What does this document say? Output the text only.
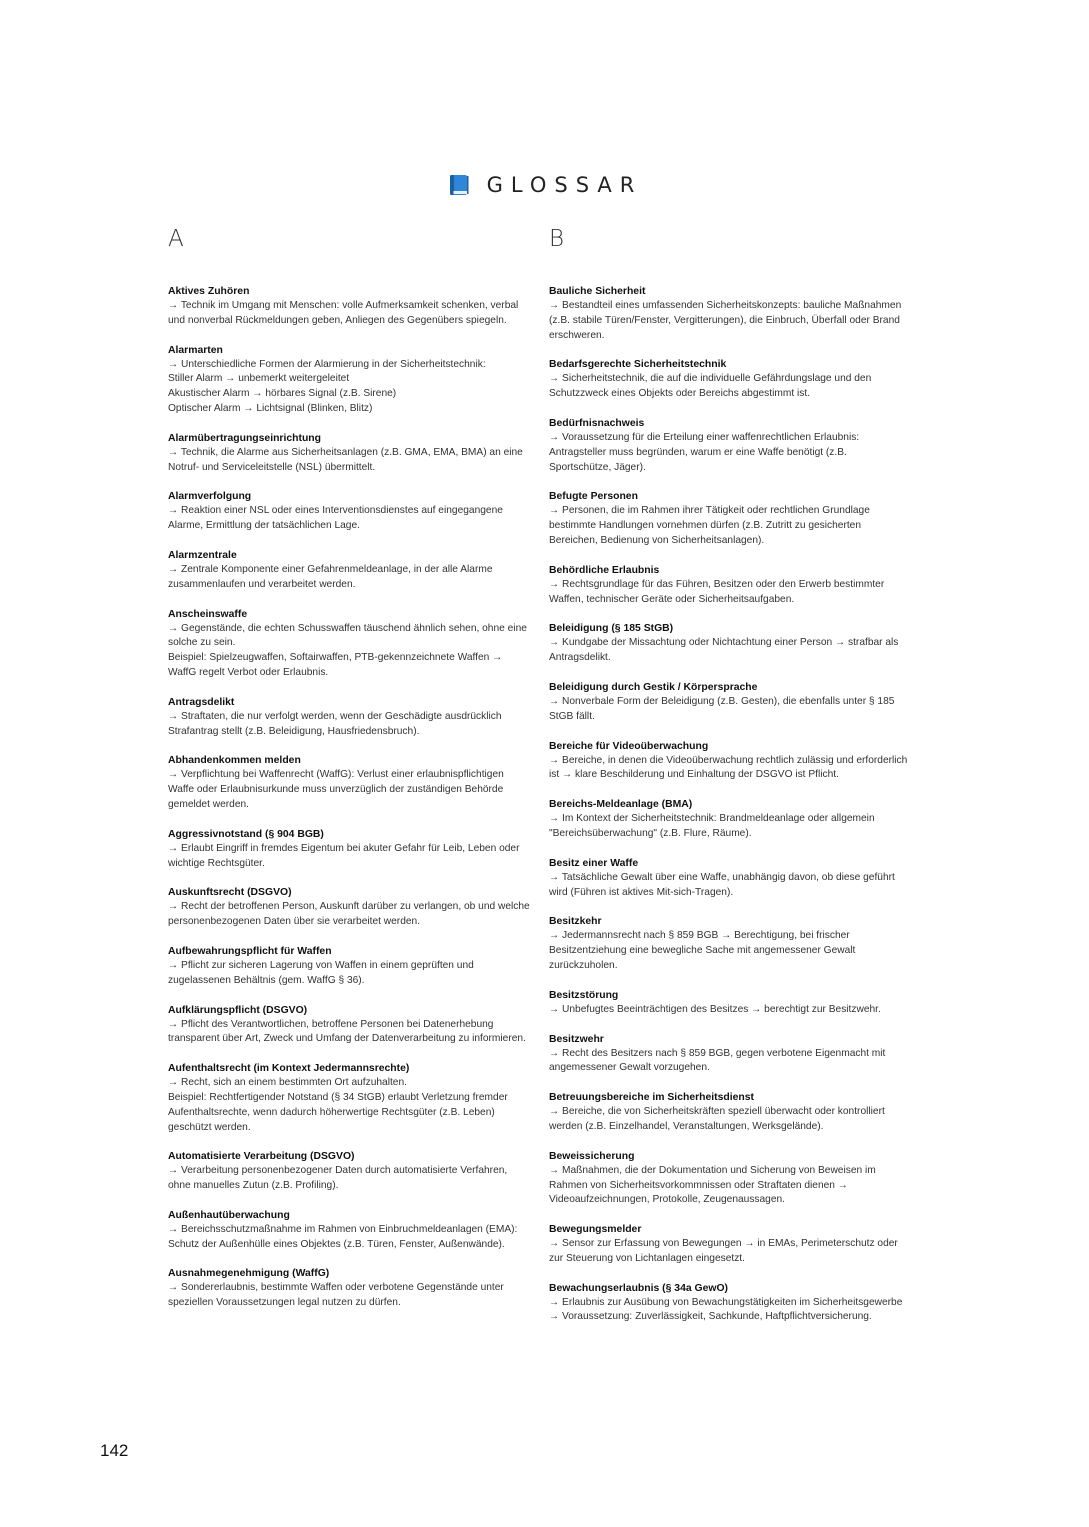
GLOSSAR
A
Aktives Zuhören
→ Technik im Umgang mit Menschen: volle Aufmerksamkeit schenken, verbal und nonverbal Rückmeldungen geben, Anliegen des Gegenübers spiegeln.
Alarmarten
→ Unterschiedliche Formen der Alarmierung in der Sicherheitstechnik:
Stiller Alarm → unbemerkt weitergeleitet
Akustischer Alarm → hörbares Signal (z.B. Sirene)
Optischer Alarm → Lichtsignal (Blinken, Blitz)
Alarmübertragungseinrichtung
→ Technik, die Alarme aus Sicherheitsanlagen (z.B. GMA, EMA, BMA) an eine Notruf- und Serviceleitstelle (NSL) übermittelt.
Alarmverfolgung
→ Reaktion einer NSL oder eines Interventionsdienstes auf eingegangene Alarme, Ermittlung der tatsächlichen Lage.
Alarmzentrale
→ Zentrale Komponente einer Gefahrenmeldeanlage, in der alle Alarme zusammenlaufen und verarbeitet werden.
Anscheinswaffe
→ Gegenstände, die echten Schusswaffen täuschend ähnlich sehen, ohne eine solche zu sein.
Beispiel: Spielzeugwaffen, Softairwaffen, PTB-gekennzeichnete Waffen → WaffG regelt Verbot oder Erlaubnis.
Antragsdelikt
→ Straftaten, die nur verfolgt werden, wenn der Geschädigte ausdrücklich Strafantrag stellt (z.B. Beleidigung, Hausfriedensbruch).
Abhandenkommen melden
→ Verpflichtung bei Waffenrecht (WaffG): Verlust einer erlaubnispflichtigen Waffe oder Erlaubnisurkunde muss unverzüglich der zuständigen Behörde gemeldet werden.
Aggressivnotstand (§ 904 BGB)
→ Erlaubt Eingriff in fremdes Eigentum bei akuter Gefahr für Leib, Leben oder wichtige Rechtsgüter.
Auskunftsrecht (DSGVO)
→ Recht der betroffenen Person, Auskunft darüber zu verlangen, ob und welche personenbezogenen Daten über sie verarbeitet werden.
Aufbewahrungspflicht für Waffen
→ Pflicht zur sicheren Lagerung von Waffen in einem geprüften und zugelassenen Behältnis (gem. WaffG § 36).
Aufklärungspflicht (DSGVO)
→ Pflicht des Verantwortlichen, betroffene Personen bei Datenerhebung transparent über Art, Zweck und Umfang der Datenverarbeitung zu informieren.
Aufenthaltsrecht (im Kontext Jedermannsrechte)
→ Recht, sich an einem bestimmten Ort aufzuhalten.
Beispiel: Rechtfertigender Notstand (§ 34 StGB) erlaubt Verletzung fremder Aufenthaltsrechte, wenn dadurch höherwertige Rechtsgüter (z.B. Leben) geschützt werden.
Automatisierte Verarbeitung (DSGVO)
→ Verarbeitung personenbezogener Daten durch automatisierte Verfahren, ohne manuelles Zutun (z.B. Profiling).
Außenhautüberwachung
→ Bereichsschutzmaßnahme im Rahmen von Einbruchmeldeanlagen (EMA): Schutz der Außenhülle eines Objektes (z.B. Türen, Fenster, Außenwände).
Ausnahmegenehmigung (WaffG)
→ Sondererlaubnis, bestimmte Waffen oder verbotene Gegenstände unter speziellen Voraussetzungen legal nutzen zu dürfen.
B
Bauliche Sicherheit
→ Bestandteil eines umfassenden Sicherheitskonzepts: bauliche Maßnahmen (z.B. stabile Türen/Fenster, Vergitterungen), die Einbruch, Überfall oder Brand erschweren.
Bedarfsgerechte Sicherheitstechnik
→ Sicherheitstechnik, die auf die individuelle Gefährdungslage und den Schutzzweck eines Objekts oder Bereichs abgestimmt ist.
Bedürfnisnachweis
→ Voraussetzung für die Erteilung einer waffenrechtlichen Erlaubnis: Antragsteller muss begründen, warum er eine Waffe benötigt (z.B. Sportschütze, Jäger).
Befugte Personen
→ Personen, die im Rahmen ihrer Tätigkeit oder rechtlichen Grundlage bestimmte Handlungen vornehmen dürfen (z.B. Zutritt zu gesicherten Bereichen, Bedienung von Sicherheitsanlagen).
Behördliche Erlaubnis
→ Rechtsgrundlage für das Führen, Besitzen oder den Erwerb bestimmter Waffen, technischer Geräte oder Sicherheitsaufgaben.
Beleidigung (§ 185 StGB)
→ Kundgabe der Missachtung oder Nichtachtung einer Person → strafbar als Antragsdelikt.
Beleidigung durch Gestik / Körpersprache
→ Nonverbale Form der Beleidigung (z.B. Gesten), die ebenfalls unter § 185 StGB fällt.
Bereiche für Videoüberwachung
→ Bereiche, in denen die Videoüberwachung rechtlich zulässig und erforderlich ist → klare Beschilderung und Einhaltung der DSGVO ist Pflicht.
Bereichs-Meldeanlage (BMA)
→ Im Kontext der Sicherheitstechnik: Brandmeldeanlage oder allgemein "Bereichsüberwachung" (z.B. Flure, Räume).
Besitz einer Waffe
→ Tatsächliche Gewalt über eine Waffe, unabhängig davon, ob diese geführt wird (Führen ist aktives Mit-sich-Tragen).
Besitzkehr
→ Jedermannsrecht nach § 859 BGB → Berechtigung, bei frischer Besitzentziehung eine bewegliche Sache mit angemessener Gewalt zurückzuholen.
Besitzstörung
→ Unbefugtes Beeinträchtigen des Besitzes → berechtigt zur Besitzwehr.
Besitzwehr
→ Recht des Besitzers nach § 859 BGB, gegen verbotene Eigenmacht mit angemessener Gewalt vorzugehen.
Betreuungsbereiche im Sicherheitsdienst
→ Bereiche, die von Sicherheitskräften speziell überwacht oder kontrolliert werden (z.B. Einzelhandel, Veranstaltungen, Werksgelände).
Beweissicherung
→ Maßnahmen, die der Dokumentation und Sicherung von Beweisen im Rahmen von Sicherheitsvorkommnissen oder Straftaten dienen → Videoaufzeichnungen, Protokolle, Zeugenaussagen.
Bewegungsmelder
→ Sensor zur Erfassung von Bewegungen → in EMAs, Perimeterschutz oder zur Steuerung von Lichtanlagen eingesetzt.
Bewachungserlaubnis (§ 34a GewO)
→ Erlaubnis zur Ausübung von Bewachungstätigkeiten im Sicherheitsgewerbe → Voraussetzung: Zuverlässigkeit, Sachkunde, Haftpflichtversicherung.
142
